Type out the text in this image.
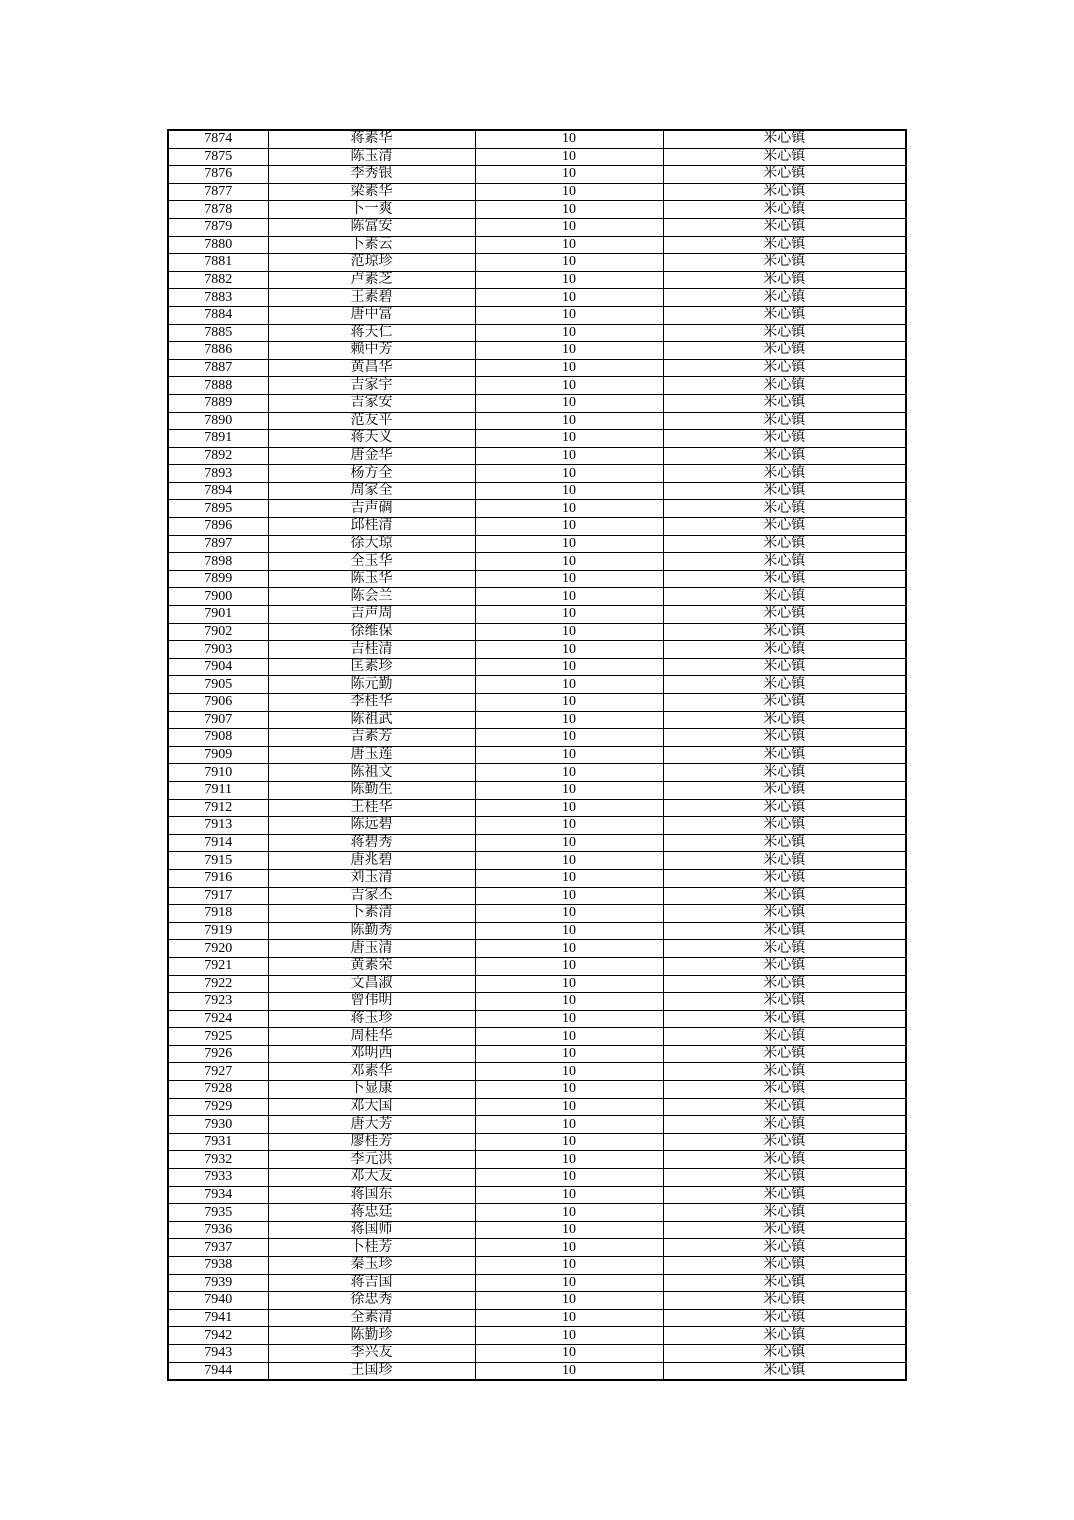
7874	蒋素华	10	米心镇
7875	陈玉清	10	米心镇
7876	李秀银	10	米心镇
7877	梁素华	10	米心镇
7878	卜一爽	10	米心镇
7879	陈富安	10	米心镇
7880	卜素云	10	米心镇
7881	范琼珍	10	米心镇
7882	卢素芝	10	米心镇
7883	王素碧	10	米心镇
7884	唐中富	10	米心镇
7885	蒋天仁	10	米心镇
7886	赖中芳	10	米心镇
7887	黄昌华	10	米心镇
7888	吉家宇	10	米心镇
7889	吉家安	10	米心镇
7890	范友平	10	米心镇
7891	蒋天义	10	米心镇
7892	唐金华	10	米心镇
7893	杨方全	10	米心镇
7894	周家全	10	米心镇
7895	吉声碉	10	米心镇
7896	邱桂清	10	米心镇
7897	徐大琼	10	米心镇
7898	全玉华	10	米心镇
7899	陈玉华	10	米心镇
7900	陈会兰	10	米心镇
7901	吉声周	10	米心镇
7902	徐维保	10	米心镇
7903	吉桂清	10	米心镇
7904	匡素珍	10	米心镇
7905	陈元勤	10	米心镇
7906	李桂华	10	米心镇
7907	陈祖武	10	米心镇
7908	吉素芳	10	米心镇
7909	唐玉莲	10	米心镇
7910	陈祖文	10	米心镇
7911	陈勤生	10	米心镇
7912	王桂华	10	米心镇
7913	陈远碧	10	米心镇
7914	蒋碧秀	10	米心镇
7915	唐兆碧	10	米心镇
7916	刘玉清	10	米心镇
7917	吉家丕	10	米心镇
7918	卜素清	10	米心镇
7919	陈勤秀	10	米心镇
7920	唐玉清	10	米心镇
7921	黄素荣	10	米心镇
7922	文昌淑	10	米心镇
7923	曾伟明	10	米心镇
7924	蒋玉珍	10	米心镇
7925	周桂华	10	米心镇
7926	邓明西	10	米心镇
7927	邓素华	10	米心镇
7928	卜显康	10	米心镇
7929	邓大国	10	米心镇
7930	唐大芳	10	米心镇
7931	廖桂芳	10	米心镇
7932	李元洪	10	米心镇
7933	邓大友	10	米心镇
7934	蒋国东	10	米心镇
7935	蒋忠廷	10	米心镇
7936	蒋国师	10	米心镇
7937	卜桂芳	10	米心镇
7938	秦玉珍	10	米心镇
7939	蒋吉国	10	米心镇
7940	徐忠秀	10	米心镇
7941	全素清	10	米心镇
7942	陈勤珍	10	米心镇
7943	李兴友	10	米心镇
7944	王国珍	10	米心镇
